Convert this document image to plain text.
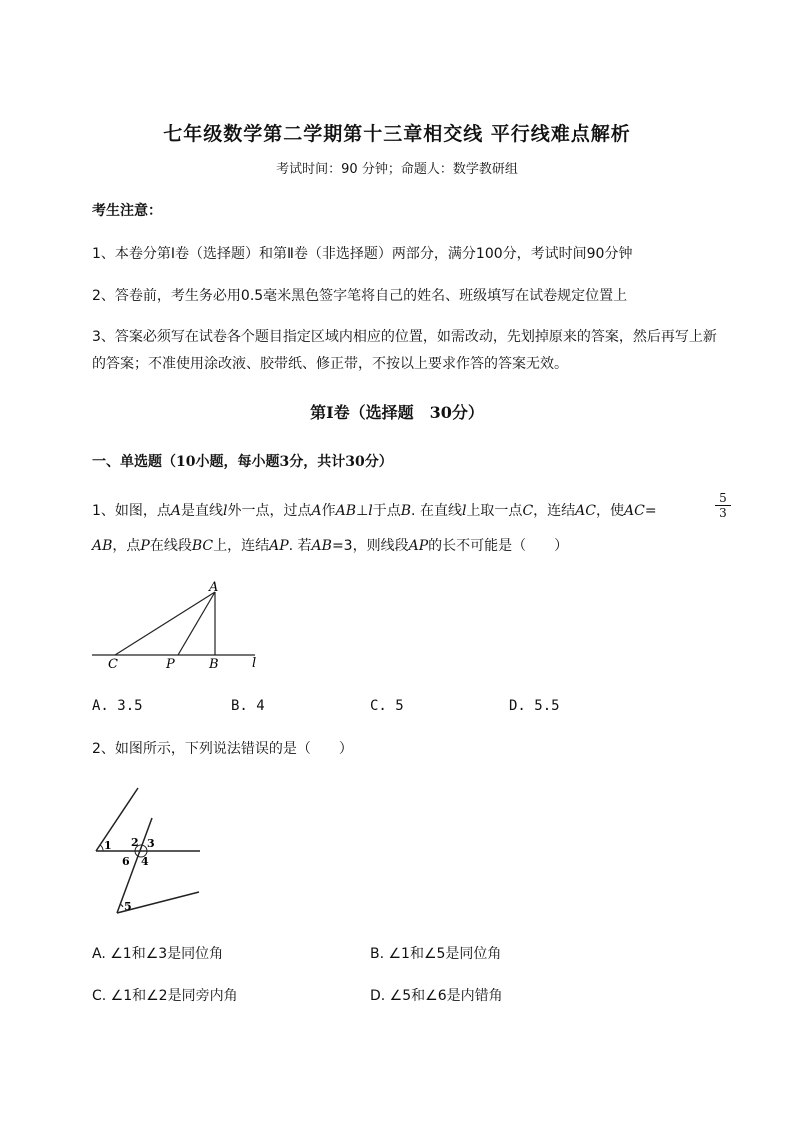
七年级数学第二学期第十三章相交线 平行线难点解析
考试时间：90 分钟；命题人：数学教研组
考生注意：
1、本卷分第Ⅰ卷（选择题）和第Ⅱ卷（非选择题）两部分，满分100分，考试时间90分钟
2、答卷前，考生务必用0.5毫米黑色签字笔将自己的姓名、班级填写在试卷规定位置上
3、答案必须写在试卷各个题目指定区域内相应的位置，如需改动，先划掉原来的答案，然后再写上新
的答案；不准使用涂改液、胶带纸、修正带，不按以上要求作答的答案无效。
第Ⅰ卷（选择题　30分）
一、单选题（10小题，每小题3分，共计30分）
1、如图，点A是直线l外一点，过点A作AB⊥l于点B. 在直线l上取一点C，连结AC，使AC=	$\frac{5}{3}$
AB，点P在线段BC上，连结AP. 若AB=3，则线段AP的长不可能是（　　）
A
C	P	B	l
A. 3.5	B. 4	C. 5	D. 5.5
2、如图所示，下列说法错误的是（　　）
1 2 3
6 4
5
A. ∠1和∠3是同位角	B. ∠1和∠5是同位角
C. ∠1和∠2是同旁内角	D. ∠5和∠6是内错角
